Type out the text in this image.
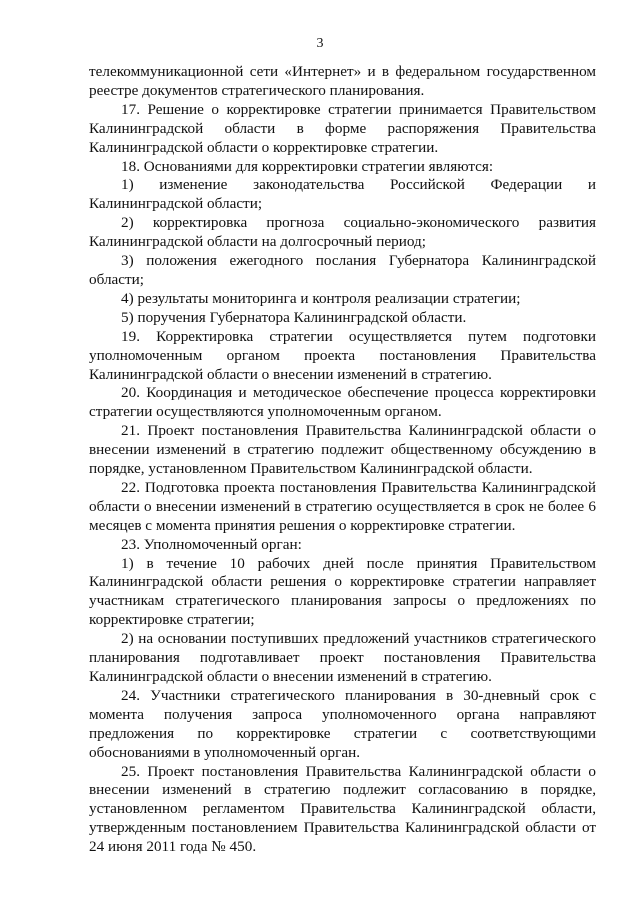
3

телекоммуникационной сети «Интернет» и в федеральном государственном реестре документов стратегического планирования.

17. Решение о корректировке стратегии принимается Правительством Калининградской области в форме распоряжения Правительства Калининградской области о корректировке стратегии.

18. Основаниями для корректировки стратегии являются:

1) изменение законодательства Российской Федерации и Калининградской области;

2) корректировка прогноза социально-экономического развития Калининградской области на долгосрочный период;

3) положения ежегодного послания Губернатора Калининградской области;

4) результаты мониторинга и контроля реализации стратегии;

5) поручения Губернатора Калининградской области.

19. Корректировка стратегии осуществляется путем подготовки уполномоченным органом проекта постановления Правительства Калининградской области о внесении изменений в стратегию.

20. Координация и методическое обеспечение процесса корректировки стратегии осуществляются уполномоченным органом.

21. Проект постановления Правительства Калининградской области о внесении изменений в стратегию подлежит общественному обсуждению в порядке, установленном Правительством Калининградской области.

22. Подготовка проекта постановления Правительства Калининградской области о внесении изменений в стратегию осуществляется в срок не более 6 месяцев с момента принятия решения о корректировке стратегии.

23. Уполномоченный орган:

1) в течение 10 рабочих дней после принятия Правительством Калининградской области решения о корректировке стратегии направляет участникам стратегического планирования запросы о предложениях по корректировке стратегии;

2) на основании поступивших предложений участников стратегического планирования подготавливает проект постановления Правительства Калининградской области о внесении изменений в стратегию.

24. Участники стратегического планирования в 30-дневный срок с момента получения запроса уполномоченного органа направляют предложения по корректировке стратегии с соответствующими обоснованиями в уполномоченный орган.

25. Проект постановления Правительства Калининградской области о внесении изменений в стратегию подлежит согласованию в порядке, установленном регламентом Правительства Калининградской области, утвержденным постановлением Правительства Калининградской области от 24 июня 2011 года № 450.
